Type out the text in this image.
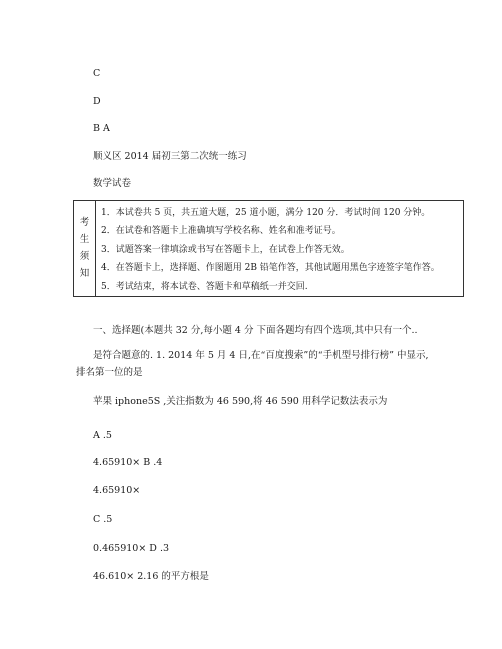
C
D
B A
顺义区 2014 届初三第二次统一练习
数学试卷
考
生
须
知
1．本试卷共 5 页，共五道大题，25 道小题，满分 120 分．考试时间 120 分钟。
2．在试卷和答题卡上准确填写学校名称、姓名和准考证号。
3．试题答案一律填涂或书写在答题卡上，在试卷上作答无效。
4．在答题卡上，选择题、作图题用 2B 铅笔作答，其他试题用黑色字迹签字笔作答。
5．考试结束，将本试卷、答题卡和草稿纸一并交回.
一、选择题(本题共 32 分,每小题 4 分 下面各题均有四个选项,其中只有一个..
是符合题意的. 1. 2014 年 5 月 4 日,在“百度搜索”的“手机型号排行榜” 中显示,
排名第一位的是
苹果 iphone5S ,关注指数为 46 590,将 46 590 用科学记数法表示为
A .5
4.65910× B .4
4.65910×
C .5
0.465910× D .3
46.610× 2.16 的平方根是
